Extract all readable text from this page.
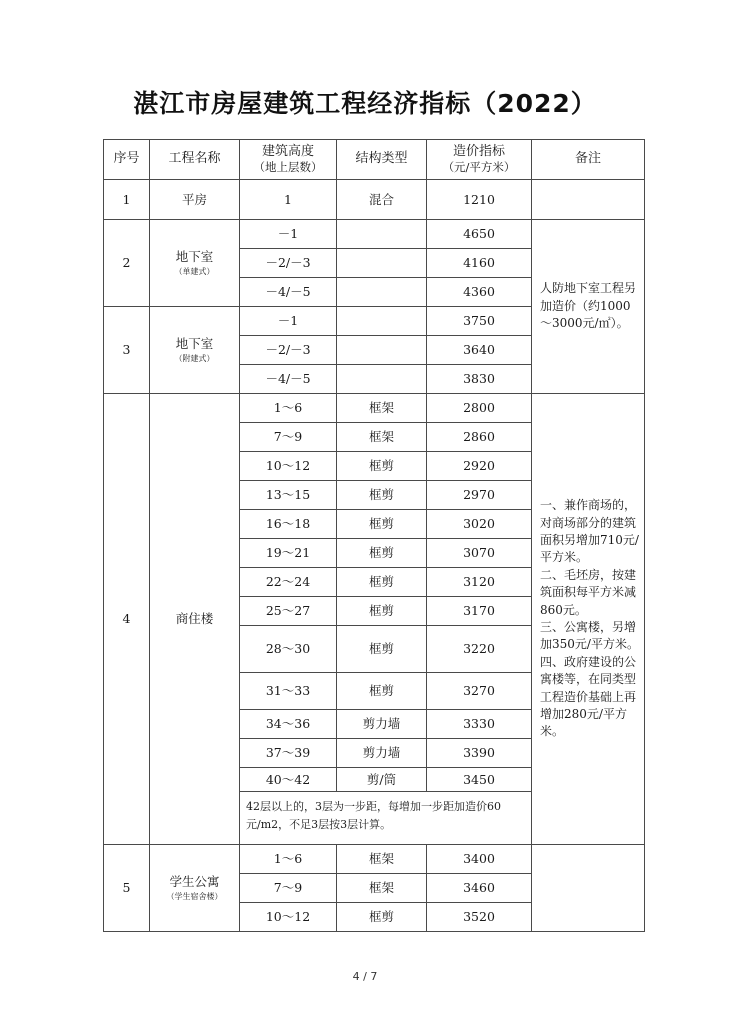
湛江市房屋建筑工程经济指标（2022）
序号	工程名称	建筑高度
（地上层数）	结构类型	造价指标
（元/平方米）	备注
1	平房	1	混合	1210	
2	地下室
（单建式）	－1		4650	人防地下室工程另加造价（约1000～3000元/㎡）。
		－2/－3		4160	
		－4/－5		4360	
3	地下室
（附建式）	－1		3750	
		－2/－3		3640	
		－4/－5		3830	
4	商住楼	1～6	框架	2800	一、兼作商场的，对商场部分的建筑面积另增加710元/平方米。
二、毛坯房，按建筑面积每平方米减860元。
三、公寓楼，另增加350元/平方米。
四、政府建设的公寓楼等，在同类型工程造价基础上再增加280元/平方米。

		7～9	框架	2860	
		10～12	框剪	2920	
		13～15	框剪	2970	
		16～18	框剪	3020	
		19～21	框剪	3070	
		22～24	框剪	3120	
		25～27	框剪	3170	
		28～30	框剪	3220	
		31～33	框剪	3270	
		34～36	剪力墙	3330	
		37～39	剪力墙	3390	
		40～42	剪/筒	3450	
		42层以上的，3层为一步距，每增加一步距加造价60元/m2，不足3层按3层计算。			
5	学生公寓
（学生宿舍楼）	1～6	框架	3400	
		7～9	框架	3460	
		10～12	框剪	3520	
4 / 7
